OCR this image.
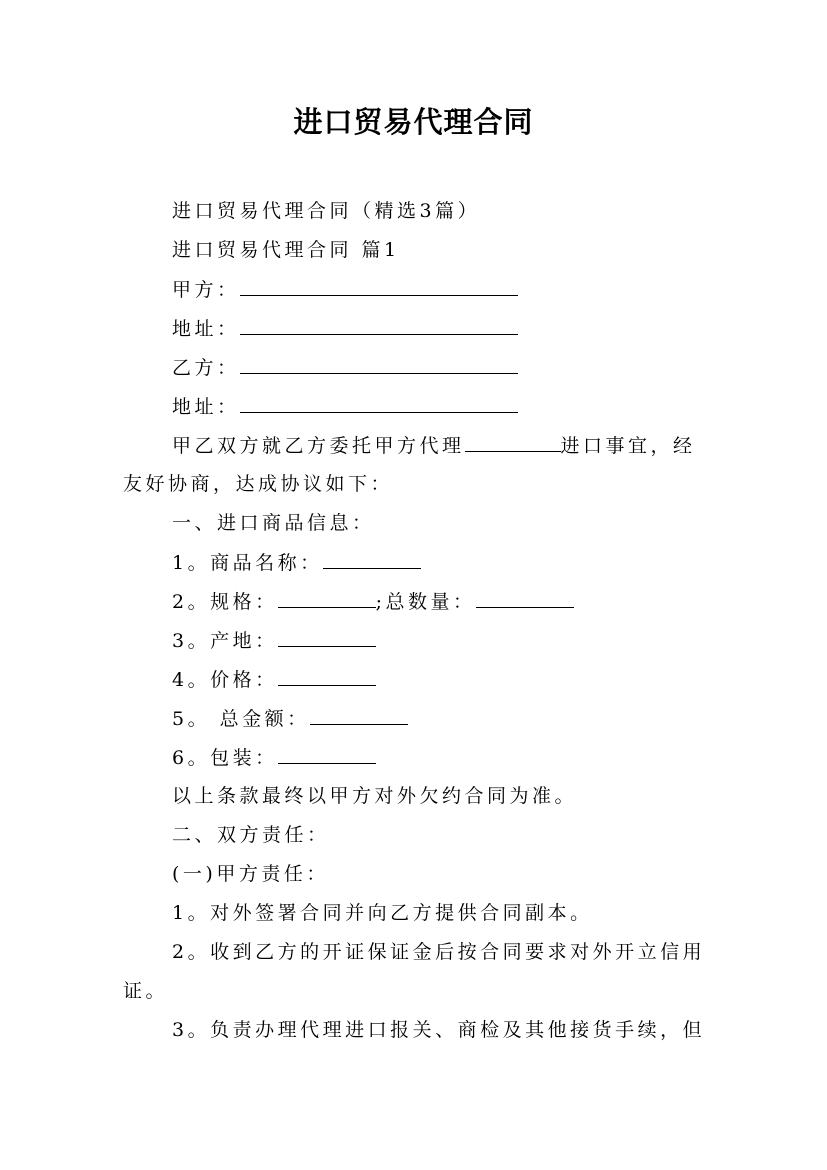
进口贸易代理合同
进口贸易代理合同（精选3篇）
进口贸易代理合同 篇1
甲方：
地址：
乙方：
地址：
甲乙双方就乙方委托甲方代理	进口事宜，经
友好协商，达成协议如下：
一、进口商品信息：
1。商品名称：
2。规格：	;总数量：
3。产地：
4。价格：
5。 总金额：
6。包装：
以上条款最终以甲方对外欠约合同为准。
二、双方责任：
(一)甲方责任：
1。对外签署合同并向乙方提供合同副本。
2。收到乙方的开证保证金后按合同要求对外开立信用
证。
3。负责办理代理进口报关、商检及其他接货手续，但
